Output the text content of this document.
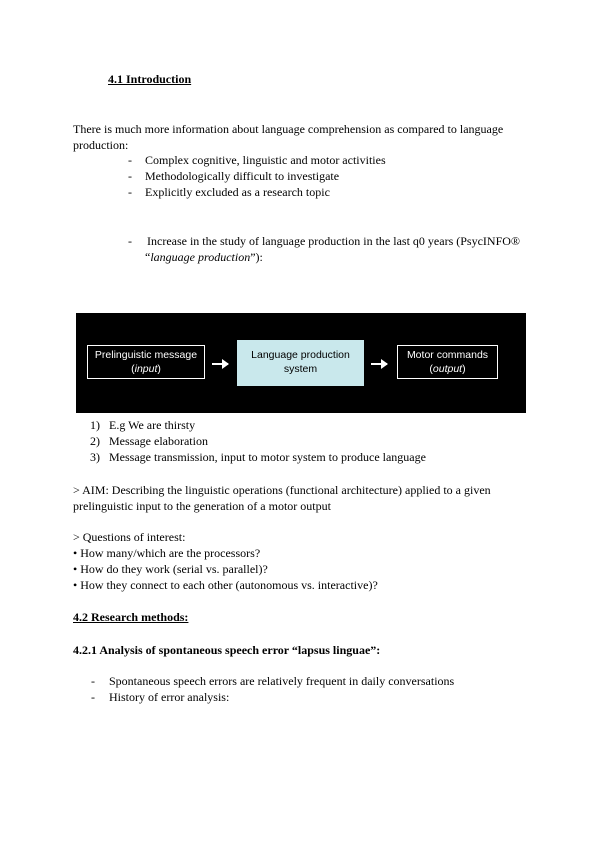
4.1 Introduction
There is much more information about language comprehension as compared to language
production:
- Complex cognitive, linguistic and motor activities
- Methodologically difficult to investigate
- Explicitly excluded as a research topic
- Increase in the study of language production in the last q0 years (PsycINFO®
“language production”):
Prelinguistic message
(input)
Language production
system
Motor commands
(output)
1) E.g We are thirsty
2) Message elaboration
3) Message transmission, input to motor system to produce language
> AIM: Describing the linguistic operations (functional architecture) applied to a given
prelinguistic input to the generation of a motor output
> Questions of interest:
• How many/which are the processors?
• How do they work (serial vs. parallel)?
• How they connect to each other (autonomous vs. interactive)?
4.2 Research methods:
4.2.1 Analysis of spontaneous speech error “lapsus linguae”:
- Spontaneous speech errors are relatively frequent in daily conversations
- History of error analysis:
